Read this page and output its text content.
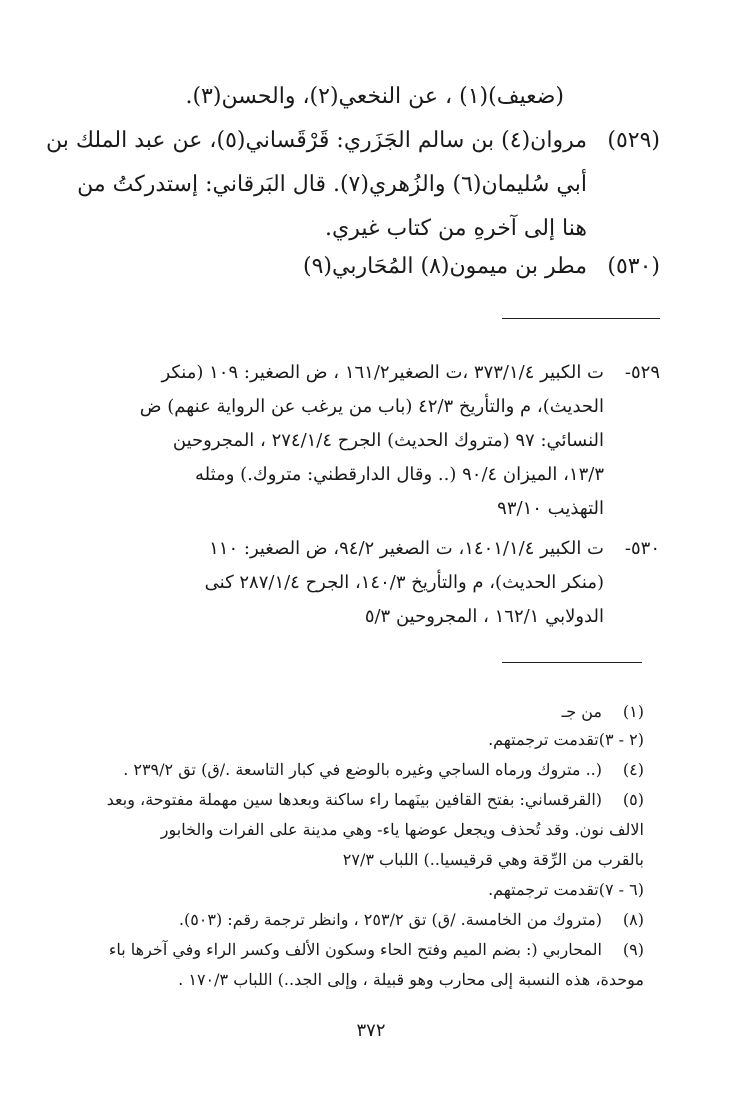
(ضعيف)(١) ، عن النخعي(٢)، والحسن(٣).
(٥٢٩)
مروان(٤) بن سالم الجَزَري: قَرْقَساني(٥)، عن عبد الملك بن
أبي سُليمان(٦) والزُهري(٧). قال البَرقاني: إستدركتُ من
هنا إلى آخرهِ من كتاب غيري.
(٥٣٠)
مطر بن ميمون(٨) المُحَاربي(٩)
٥٢٩-
ت الكبير ٣٧٣/١/٤ ،ت الصغير١٦١/٢ ، ض الصغير: ١٠٩ (منكر
الحديث)، م والتأريخ ٤٢/٣ (باب من يرغب عن الرواية عنهم) ض
النسائي: ٩٧ (متروك الحديث) الجرح ٢٧٤/١/٤ ، المجروحين
١٣/٣، الميزان ٩٠/٤ (.. وقال الدارقطني: متروك.) ومثله
التهذيب ٩٣/١٠
٥٣٠-
ت الكبير ١٤٠١/١/٤، ت الصغير ٩٤/٢، ض الصغير: ١١٠
(منكر الحديث)، م والتأريخ ١٤٠/٣، الجرح ٢٨٧/١/٤ كنى
الدولابي ١٦٢/١ ، المجروحين ٥/٣
(١)
من جـ
(٢ - ٣)تقدمت ترجمتهم.
(٤)
(.. متروك ورماه الساجي وغيره بالوضع في كبار التاسعة ./ق) تق ٢٣٩/٢ .
(٥)
(القرقساني: بفتح القافين بينَهما راء ساكنة وبعدها سين مهملة مفتوحة، وبعد
الالف نون. وقد تُحذف ويجعل عوضها ياء- وهي مدينة على الفرات والخابور
بالقرب من الرِّقة وهي قرقيسيا..) اللباب ٢٧/٣
(٦ - ٧)تقدمت ترجمتهم.
(٨)
(متروك من الخامسة. /ق) تق ٢٥٣/٢ ، وانظر ترجمة رقم: (٥٠٣).
(٩)
المحاربي (: بضم الميم وفتح الحاء وسكون الألف وكسر الراء وفي آخرها باء
موحدة، هذه النسبة إلى محارب وهو قبيلة ، وإلى الجد..) اللباب ١٧٠/٣ .
٣٧٢
